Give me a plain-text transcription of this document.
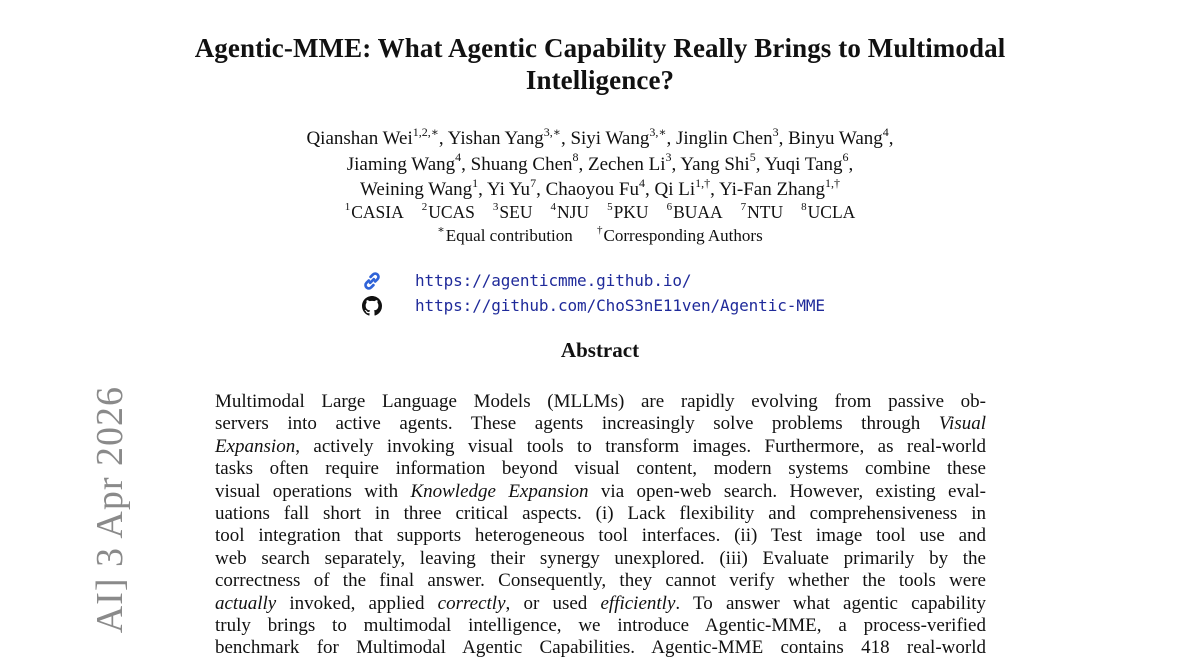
Agentic-MME: What Agentic Capability Really Brings to Multimodal
Intelligence?
Qianshan Wei$^{1,2,∗}$, Yishan Yang$^{3,∗}$, Siyi Wang$^{3,∗}$, Jinglin Chen$^3$, Binyu Wang$^4$,
Jiaming Wang$^4$, Shuang Chen$^8$, Zechen Li$^3$, Yang Shi$^5$, Yuqi Tang$^6$,
Weining Wang$^1$, Yi Yu$^7$, Chaoyou Fu$^4$, Qi $Li^{1,\dagger}$, Yi-Fan Zhang$^{1,\dagger}$
$^1$CASIA $^2$UCAS $^3$SEU $^4$NJU $^5$PKU $^6$BUAA $^7$NTU $^8$UCLA
∗Equal contribution †Corresponding Authors
https://agenticmme.github.io/
https://github.com/ChoS3nE11ven/Agentic-MME
Abstract
Multimodal Large Language Models (MLLMs) are rapidly evolving from passive ob-
servers into active agents. These agents increasingly solve problems through Visual
Expansion, actively invoking visual tools to transform images. Furthermore, as real-world
tasks often require information beyond visual content, modern systems combine these
visual operations with Knowledge Expansion via open-web search. However, existing eval-
uations fall short in three critical aspects. (i) Lack flexibility and comprehensiveness in
tool integration that supports heterogeneous tool interfaces. (ii) Test image tool use and
web search separately, leaving their synergy unexplored. (iii) Evaluate primarily by the
correctness of the final answer. Consequently, they cannot verify whether the tools were
actually invoked, applied correctly, or used efficiently. To answer what agentic capability
truly brings to multimodal intelligence, we introduce Agentic-MME, a process-verified
benchmark for Multimodal Agentic Capabilities. Agentic-MME contains 418 real-world
AI] 3 Apr 2026
